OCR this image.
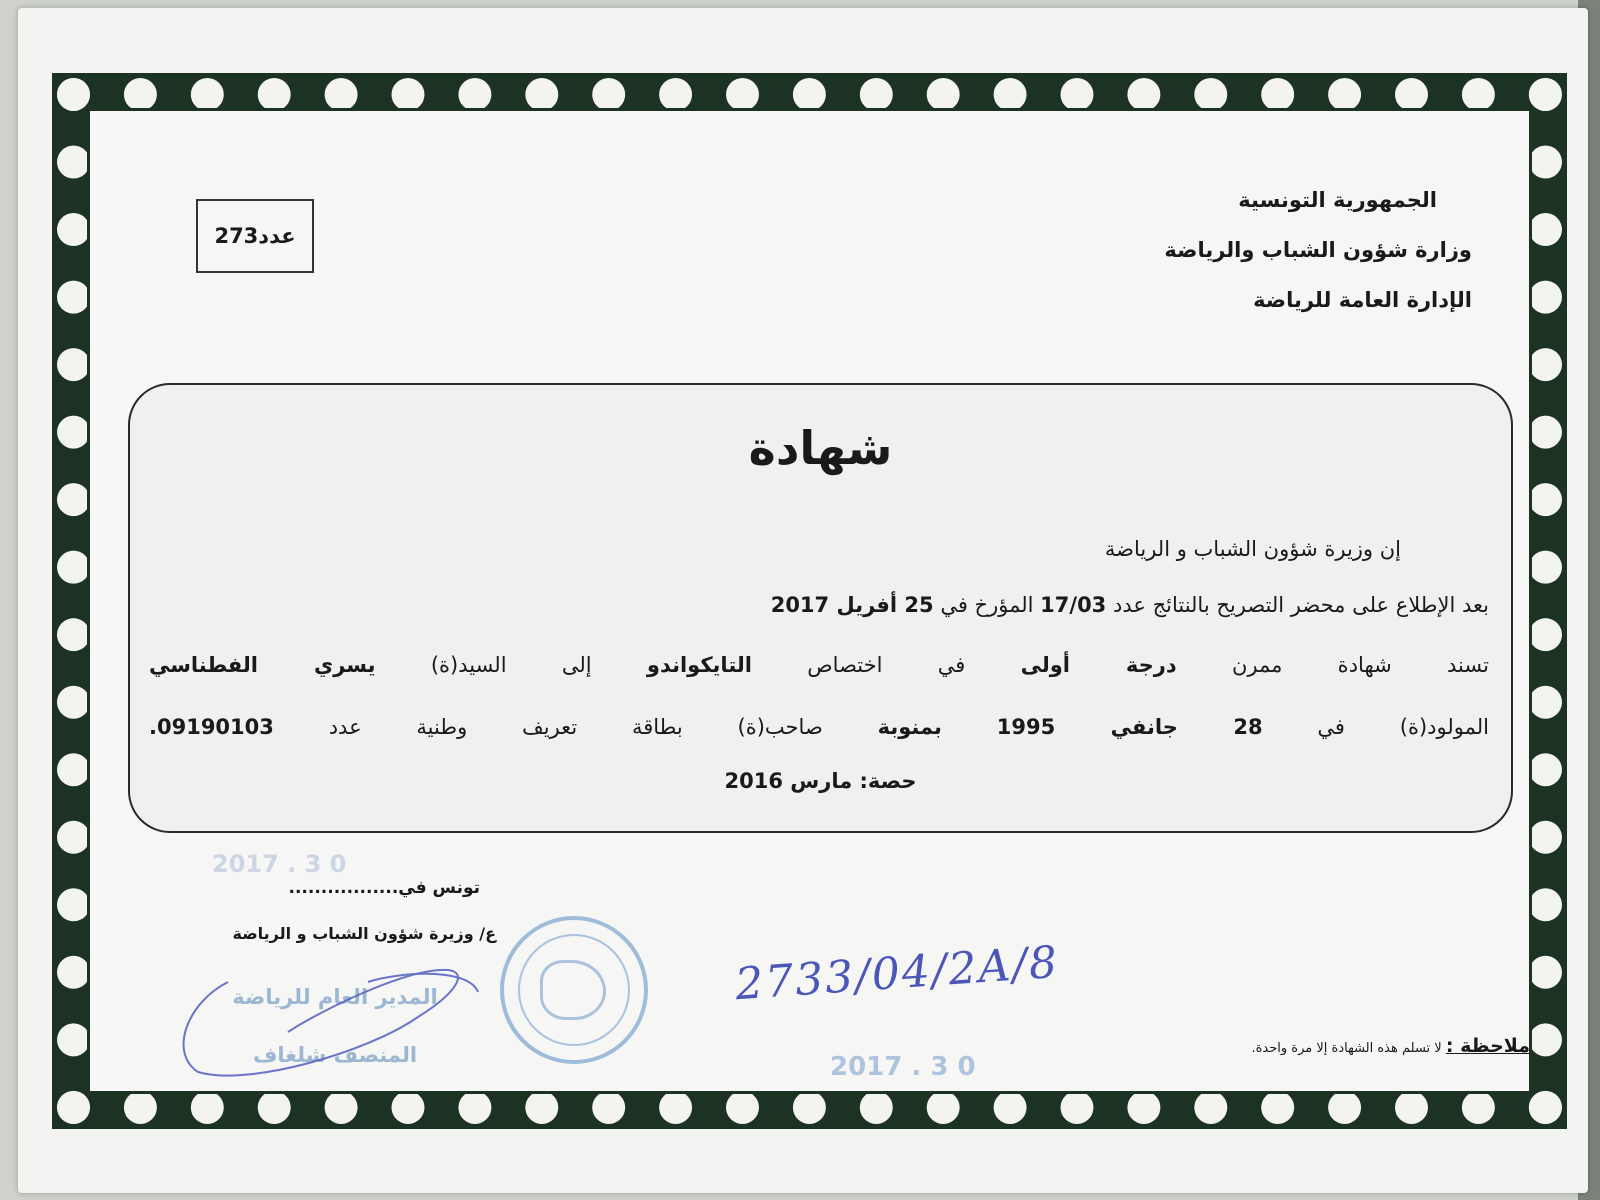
عدد273
الجمهورية التونسية
وزارة شؤون الشباب والرياضة
الإدارة العامة للرياضة
شهادة
إن وزيرة شؤون الشباب و الرياضة
بعد الإطلاع على محضر التصريح بالنتائج عدد 17/03 المؤرخ في 25 أفريل 2017
تسند شهادة ممرن درجة أولى في اختصاص التايكواندو إلى السيد(ة) يسري الفطناسي
المولود(ة) في 28 جانفي 1995 بمنوبة صاحب(ة) بطاقة تعريف وطنية عدد 09190103.
حصة: مارس 2016
2017 . 3 0
تونس في.................
ع/ وزيرة شؤون الشباب و الرياضة
المدير العام للرياضة
المنصف شلغاف
2733/04/2A/8
2017 . 3 0
ملاحظة : لا تسلم هذه الشهادة إلا مرة واحدة.
